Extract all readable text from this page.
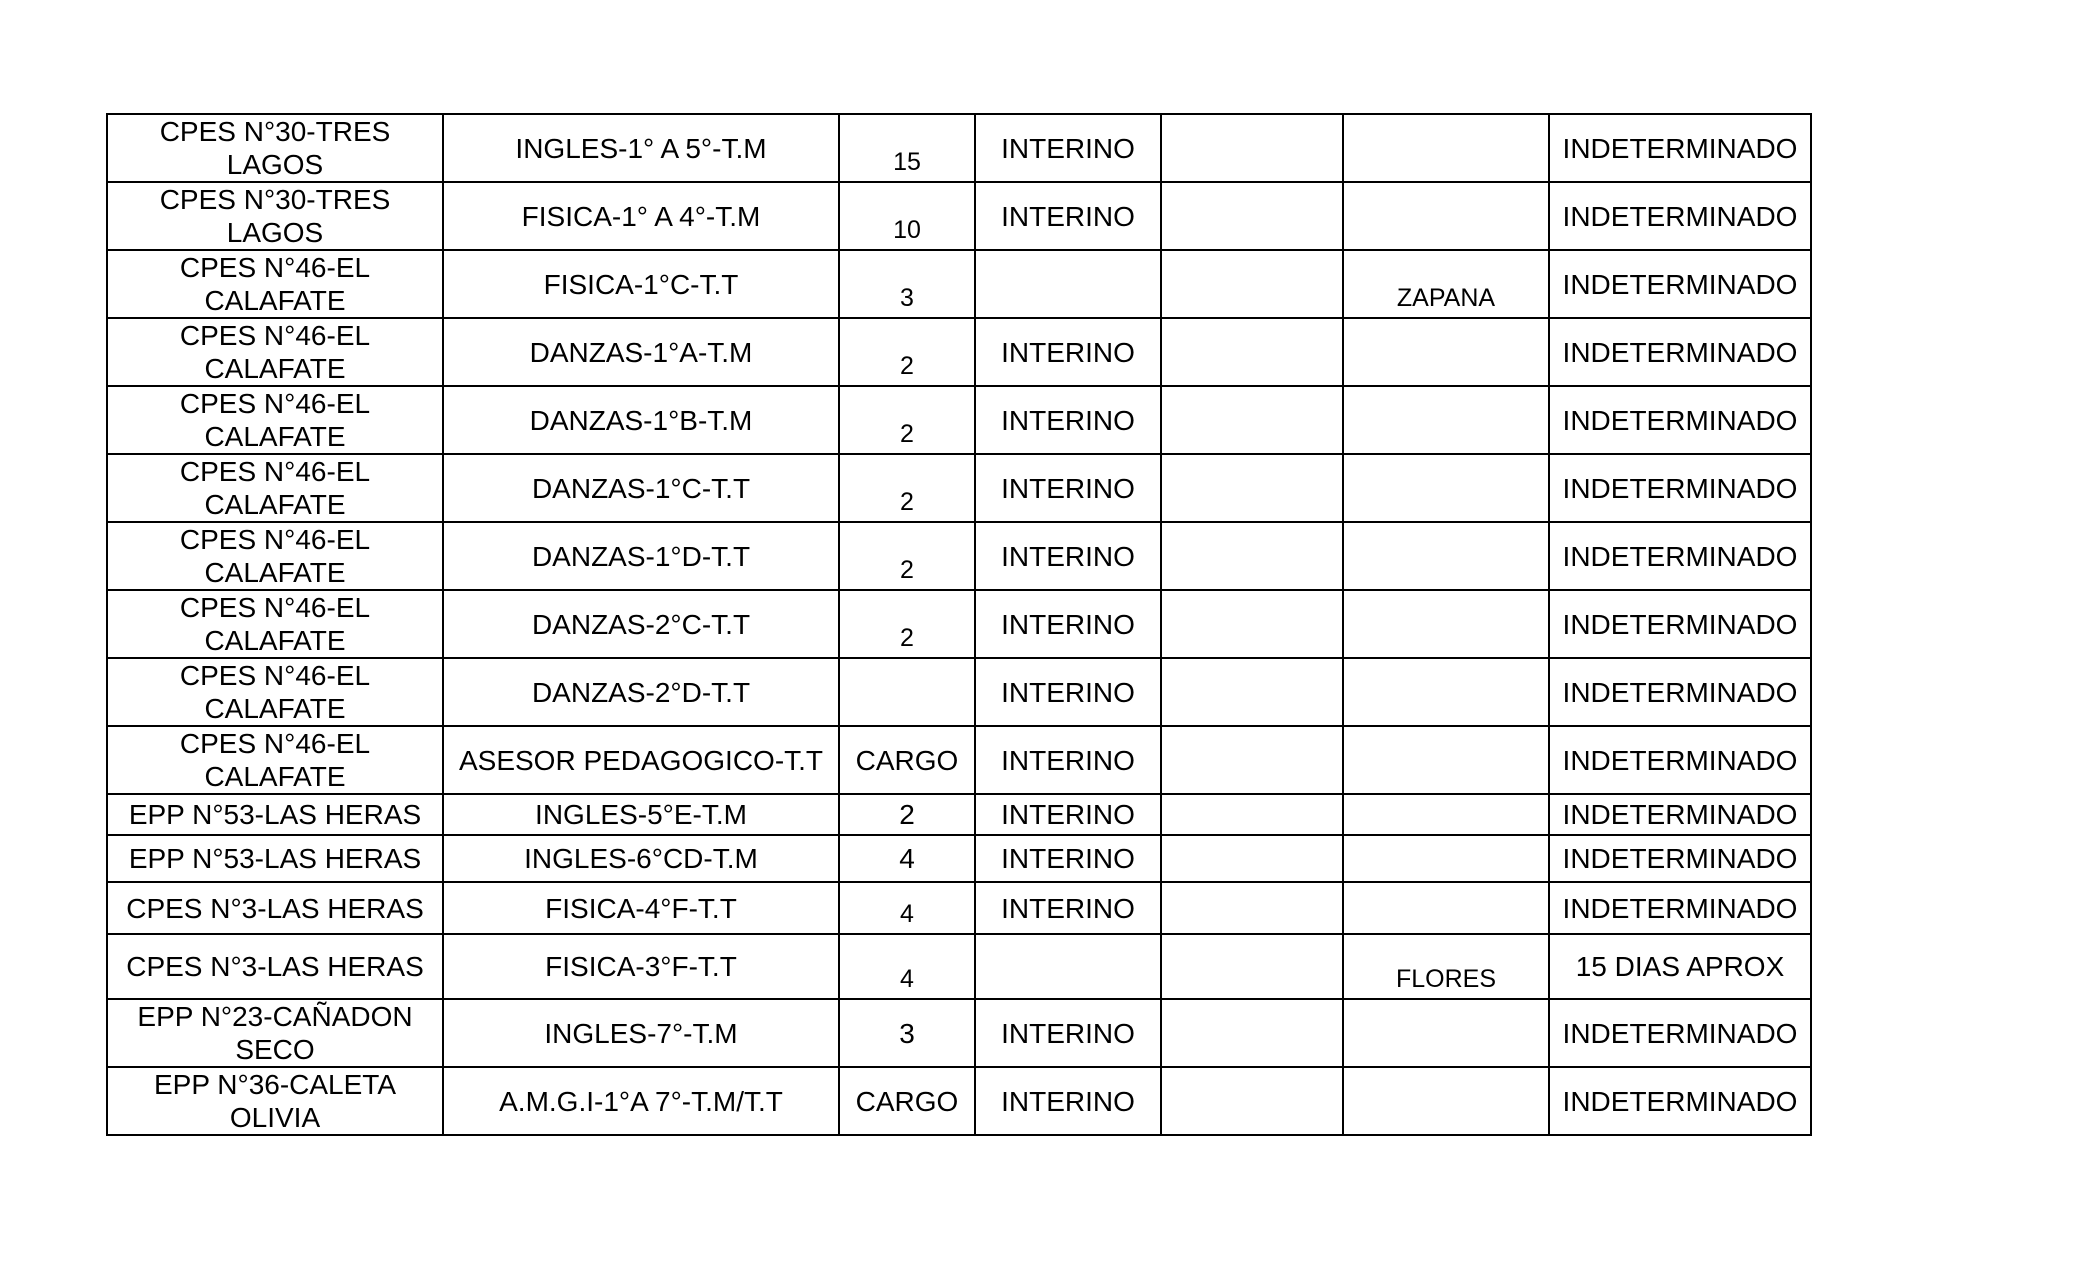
CPES N°30-TRES LAGOS	INGLES-1° A 5°-T.M	15	INTERINO			INDETERMINADO
CPES N°30-TRES LAGOS	FISICA-1° A 4°-T.M	10	INTERINO			INDETERMINADO
CPES N°46-EL CALAFATE	FISICA-1°C-T.T	3			ZAPANA	INDETERMINADO
CPES N°46-EL CALAFATE	DANZAS-1°A-T.M	2	INTERINO			INDETERMINADO
CPES N°46-EL CALAFATE	DANZAS-1°B-T.M	2	INTERINO			INDETERMINADO
CPES N°46-EL CALAFATE	DANZAS-1°C-T.T	2	INTERINO			INDETERMINADO
CPES N°46-EL CALAFATE	DANZAS-1°D-T.T	2	INTERINO			INDETERMINADO
CPES N°46-EL CALAFATE	DANZAS-2°C-T.T	2	INTERINO			INDETERMINADO
CPES N°46-EL CALAFATE	DANZAS-2°D-T.T		INTERINO			INDETERMINADO
CPES N°46-EL CALAFATE	ASESOR PEDAGOGICO-T.T	CARGO	INTERINO			INDETERMINADO
EPP N°53-LAS HERAS	INGLES-5°E-T.M	2	INTERINO			INDETERMINADO
EPP N°53-LAS HERAS	INGLES-6°CD-T.M	4	INTERINO			INDETERMINADO
CPES N°3-LAS HERAS	FISICA-4°F-T.T	4	INTERINO			INDETERMINADO
CPES N°3-LAS HERAS	FISICA-3°F-T.T	4			FLORES	15 DIAS APROX
EPP N°23-CAÑADON SECO	INGLES-7°-T.M	3	INTERINO			INDETERMINADO
EPP N°36-CALETA OLIVIA	A.M.G.I-1°A 7°-T.M/T.T	CARGO	INTERINO			INDETERMINADO
